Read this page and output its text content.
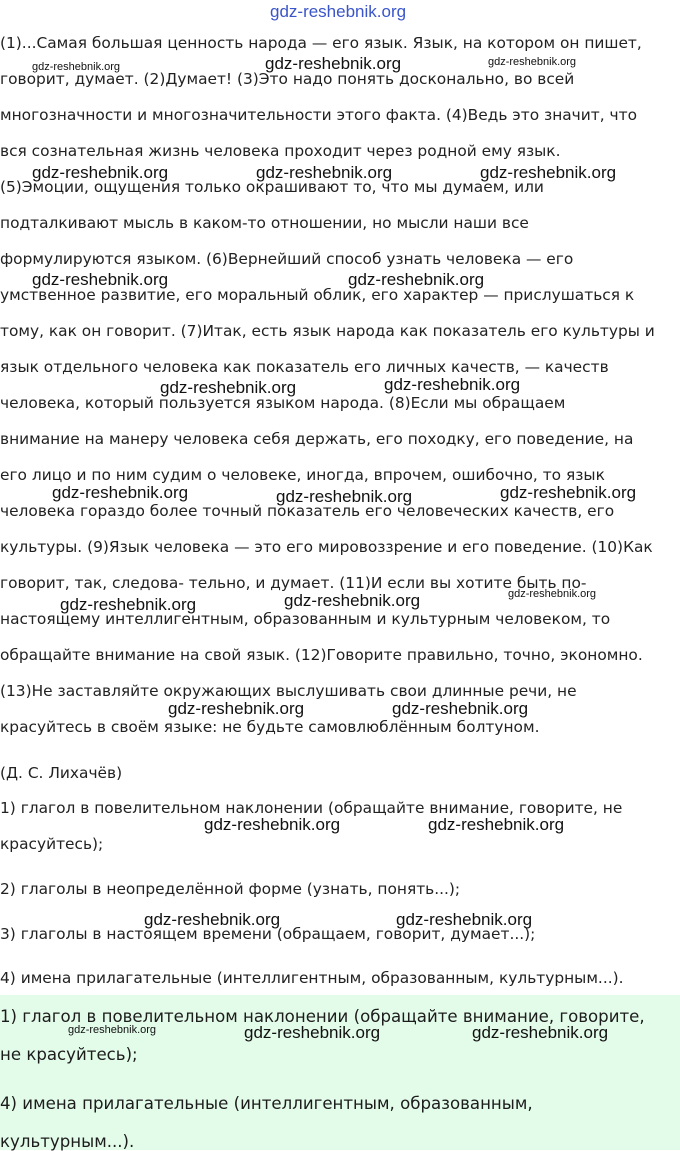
(1)...Самая большая ценность народа — его язык. Язык, на котором он пишет,
говорит, думает. (2)Думает! (3)Это надо понять досконально, во всей
многозначности и многозначительности этого факта. (4)Ведь это значит, что
вся сознательная жизнь человека проходит через родной ему язык.
(5)Эмоции, ощущения только окрашивают то, что мы думаем, или
подталкивают мысль в каком-то отношении, но мысли наши все
формулируются языком. (6)Вернейший способ узнать человека — его
умственное развитие, его моральный облик, его характер — прислушаться к
тому, как он говорит. (7)Итак, есть язык народа как показатель его культуры и
язык отдельного человека как показатель его личных качеств, — качеств
человека, который пользуется языком народа. (8)Если мы обращаем
внимание на манеру человека себя держать, его походку, его поведение, на
его лицо и по ним судим о человеке, иногда, впрочем, ошибочно, то язык
человека гораздо более точный показатель его человеческих качеств, его
культуры. (9)Язык человека — это его мировоззрение и его поведение. (10)Как
говорит, так, следова- тельно, и думает. (11)И если вы хотите быть по-
настоящему интеллигентным, образованным и культурным человеком, то
обращайте внимание на свой язык. (12)Говорите правильно, точно, экономно.
(13)Не заставляйте окружающих выслушивать свои длинные речи, не
красуйтесь в своём языке: не будьте самовлюблённым болтуном.
(Д. С. Лихачёв)
1) глагол в повелительном наклонении (обращайте внимание, говорите, не
красуйтесь);
2) глаголы в неопределённой форме (узнать, понять...);
3) глаголы в настоящем времени (обращаем, говорит, думает...);
4) имена прилагательные (интеллигентным, образованным, культурным...).
1) глагол в повелительном наклонении (обращайте внимание, говорите,
не красуйтесь);
4) имена прилагательные (интеллигентным, образованным,
культурным...).
gdz-reshebnik.org
gdz-reshebnik.org	gdz-reshebnik.org	gdz-reshebnik.org
gdz-reshebnik.org	gdz-reshebnik.org	gdz-reshebnik.org
gdz-reshebnik.org	gdz-reshebnik.org
gdz-reshebnik.org	gdz-reshebnik.org
gdz-reshebnik.org	gdz-reshebnik.org	gdz-reshebnik.org
gdz-reshebnik.org	gdz-reshebnik.org	gdz-reshebnik.org
gdz-reshebnik.org	gdz-reshebnik.org
gdz-reshebnik.org	gdz-reshebnik.org
gdz-reshebnik.org	gdz-reshebnik.org
gdz-reshebnik.org	gdz-reshebnik.org	gdz-reshebnik.org
